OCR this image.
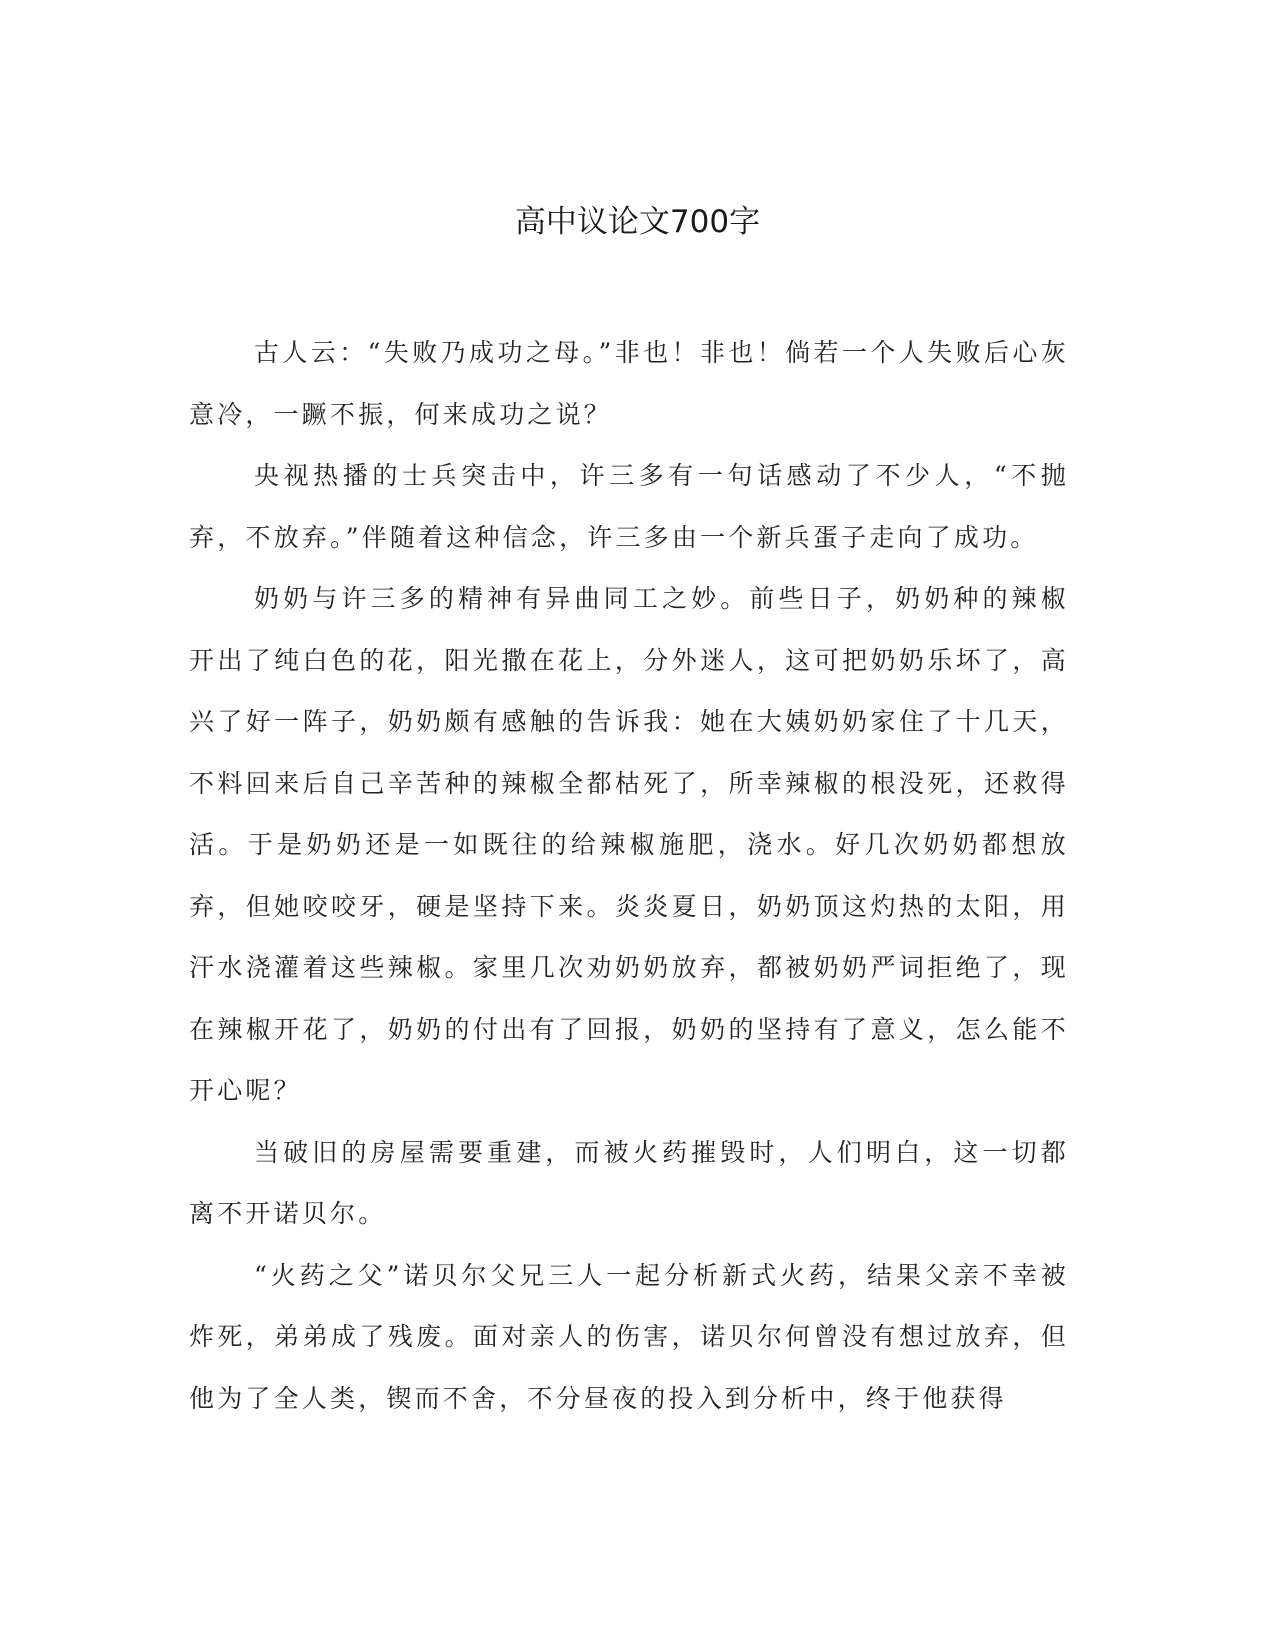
高中议论文700字

古人云：“失败乃成功之母。”非也！非也！倘若一个人失败后心灰意冷，一蹶不振，何来成功之说？

央视热播的士兵突击中，许三多有一句话感动了不少人，“不抛弃，不放弃。”伴随着这种信念，许三多由一个新兵蛋子走向了成功。

奶奶与许三多的精神有异曲同工之妙。前些日子，奶奶种的辣椒开出了纯白色的花，阳光撒在花上，分外迷人，这可把奶奶乐坏了，高兴了好一阵子，奶奶颇有感触的告诉我：她在大姨奶奶家住了十几天，不料回来后自己辛苦种的辣椒全都枯死了，所幸辣椒的根没死，还救得活。于是奶奶还是一如既往的给辣椒施肥，浇水。好几次奶奶都想放弃，但她咬咬牙，硬是坚持下来。炎炎夏日，奶奶顶这灼热的太阳，用汗水浇灌着这些辣椒。家里几次劝奶奶放弃，都被奶奶严词拒绝了，现在辣椒开花了，奶奶的付出有了回报，奶奶的坚持有了意义，怎么能不开心呢？

当破旧的房屋需要重建，而被火药摧毁时，人们明白，这一切都离不开诺贝尔。

“火药之父”诺贝尔父兄三人一起分析新式火药，结果父亲不幸被炸死，弟弟成了残废。面对亲人的伤害，诺贝尔何曾没有想过放弃，但他为了全人类，锲而不舍，不分昼夜的投入到分析中，终于他获得
